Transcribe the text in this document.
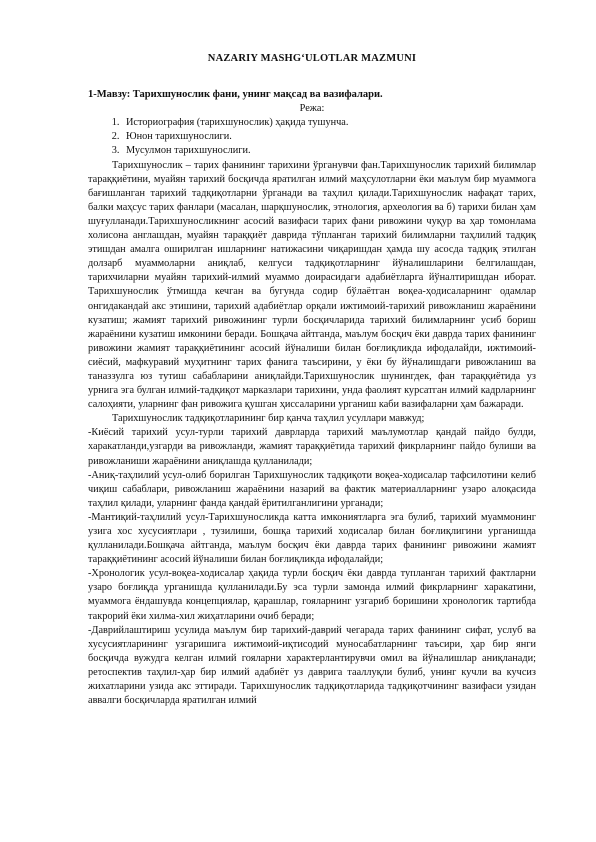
NAZARIY MASHG‘ULOTLAR MAZMUNI
1-Мавзу: Тарихшунослик фани, унинг мақсад ва вазифалари.
Режа:
1. Историография (тарихшунослик) ҳақида тушунча.
2. Юнон тарихшунослиги.
3. Мусулмон тарихшунослиги.

Тарихшунослик – тарих фанининг тарихини ўрганувчи фан.Тарихшунослик тарихий билимлар тараққиётини, муайян тарихий босқичда яратилган илмий маҳсулотларни ёки маълум бир муаммога бағишланган тарихий тадқиқотларни ўрганади ва таҳлил қилади.Тарихшунослик нафақат тарих, балки маҳсус тарих фанлари (масалан, шарқшунослик, этнология, археология ва б) тарихи билан ҳам шуғулланади.Тарихшуносликнинг асосий вазифаси тарих фани ривожини чуқур ва ҳар томонлама холисона англашдан, муайян тараққиёт даврида тўпланган тарихий билимларни таҳлилий тадқиқ этишдан амалга оширилган ишларнинг натижасини чиқаришдан ҳамда шу асосда тадқиқ этилган долзарб муаммоларни аниқлаб, келгуси тадқиқотларнинг йўналишларини белгилашдан, тарихчиларни муайян тарихий-илмий муаммо доирасидаги адабиётларга йўналтиришдан иборат. Тарихшунослик ўтмишда кечган ва бугунда содир бўлаётган воқеа-ҳодисаларнинг одамлар онгидакандай акс этишини, тарихий адабиётлар орқали ижтимоий-тарихий ривожланиш жараёнини кузатиш; жамият тарихий ривожининг турли босқичларида тарихий билимларнинг усиб бориш жараёнини кузатиш имконини беради. Бошқача айтганда, маълум босқич ёки даврда тарих фанининг ривожини жамият тараққиётининг асосий йўналиши билан боғлиқликда ифодалайди, ижтимоий-сиёсий, мафкуравий муҳитнинг тарих фанига таъсирини, у ёки бу йўналишдаги ривожланиш ва таназзулга юз тутиш сабабларини аниқлайди.Тарихшунослик шунингдек, фан тараққиётида уз урнига эга булган илмий-тадқиқот марказлари тарихини, унда фаолият курсатган илмий кадрларнинг салоҳияти, уларнинг фан ривожига қушган ҳиссаларини урганиш каби вазифаларни ҳам бажаради.

Тарихшунослик тадқиқотларининг бир қанча таҳлил усуллари мавжуд;

-Киёсий тарихий усул-турли тарихий даврларда тарихий маълумотлар қандай пайдо булди, харакатланди,узгарди ва ривожланди, жамият тараққиётида тарихий фикрларнинг пайдо булиши ва ривожланиши жараёнини аниқлашда қулланилади;

-Аниқ-таҳлилий усул-олиб борилган Тарихшунослик тадқиқоти воқеа-ходисалар тафсилотини келиб чиқиш сабаблари, ривожланиш жараёнини назарий ва фактик материалларнинг узаро алоқасида таҳлил қилади, уларнинг фанда қандай ёритилганлигини урганади;

-Мантиқий-таҳлилий усул-Тарихшуносликда катта имкониятларга эга булиб, тарихий муаммонинг узига хос хусусиятлари , тузилиши, бошқа тарихий ходисалар билан боғлиқлигини урганишда қулланилади.Бошқача айтганда, маълум босқич ёки даврда тарих фанининг ривожини жамият тараққиётининг асосий йўналиши билан боғлиқликда ифодалайди;

-Хронологик усул-воқеа-ходисалар ҳақида турли босқич ёки даврда тупланган тарихий фактларни узаро боғлиқда урганишда қулланилади.Бу эса турли замонда илмий фикрларнинг харакатини, муаммога ёндашувда концепциялар, қарашлар, гояларнинг узгариб боришини хронологик тартибда такрорий ёки хилма-хил жиҳатларини очиб беради;

-Даврийлаштириш усулида маълум бир тарихий-даврий чегарада тарих фанининг сифат, услуб ва хусусиятларининг узгаришига ижтимоий-иқтисодий муносабатларнинг таъсири, ҳар бир янги босқичда вужудга келган илмий гояларни характерлантирувчи омил ва йўналишлар аниқланади; ретоспектив таҳлил-ҳар бир илмий адабиёт уз даврига тааллуқли булиб, унинг кучли ва кучсиз жихатларини узида акс эттиради. Тарихшунослик тадқиқотларида тадқиқотчининг вазифаси узидан аввалги босқичларда яратилган илмий
